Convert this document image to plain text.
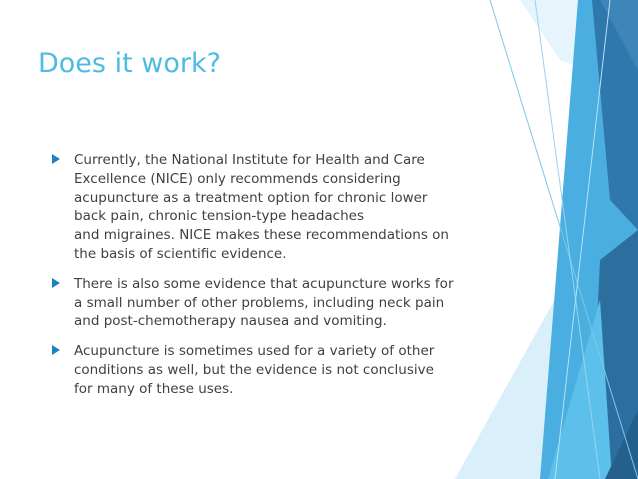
Does it work?
Currently, the National Institute for Health and Care
Excellence (NICE) only recommends considering
acupuncture as a treatment option for chronic lower
back pain, chronic tension-type headaches
and migraines. NICE makes these recommendations on
the basis of scientific evidence.
There is also some evidence that acupuncture works for
a small number of other problems, including neck pain
and post-chemotherapy nausea and vomiting.
Acupuncture is sometimes used for a variety of other
conditions as well, but the evidence is not conclusive
for many of these uses.
